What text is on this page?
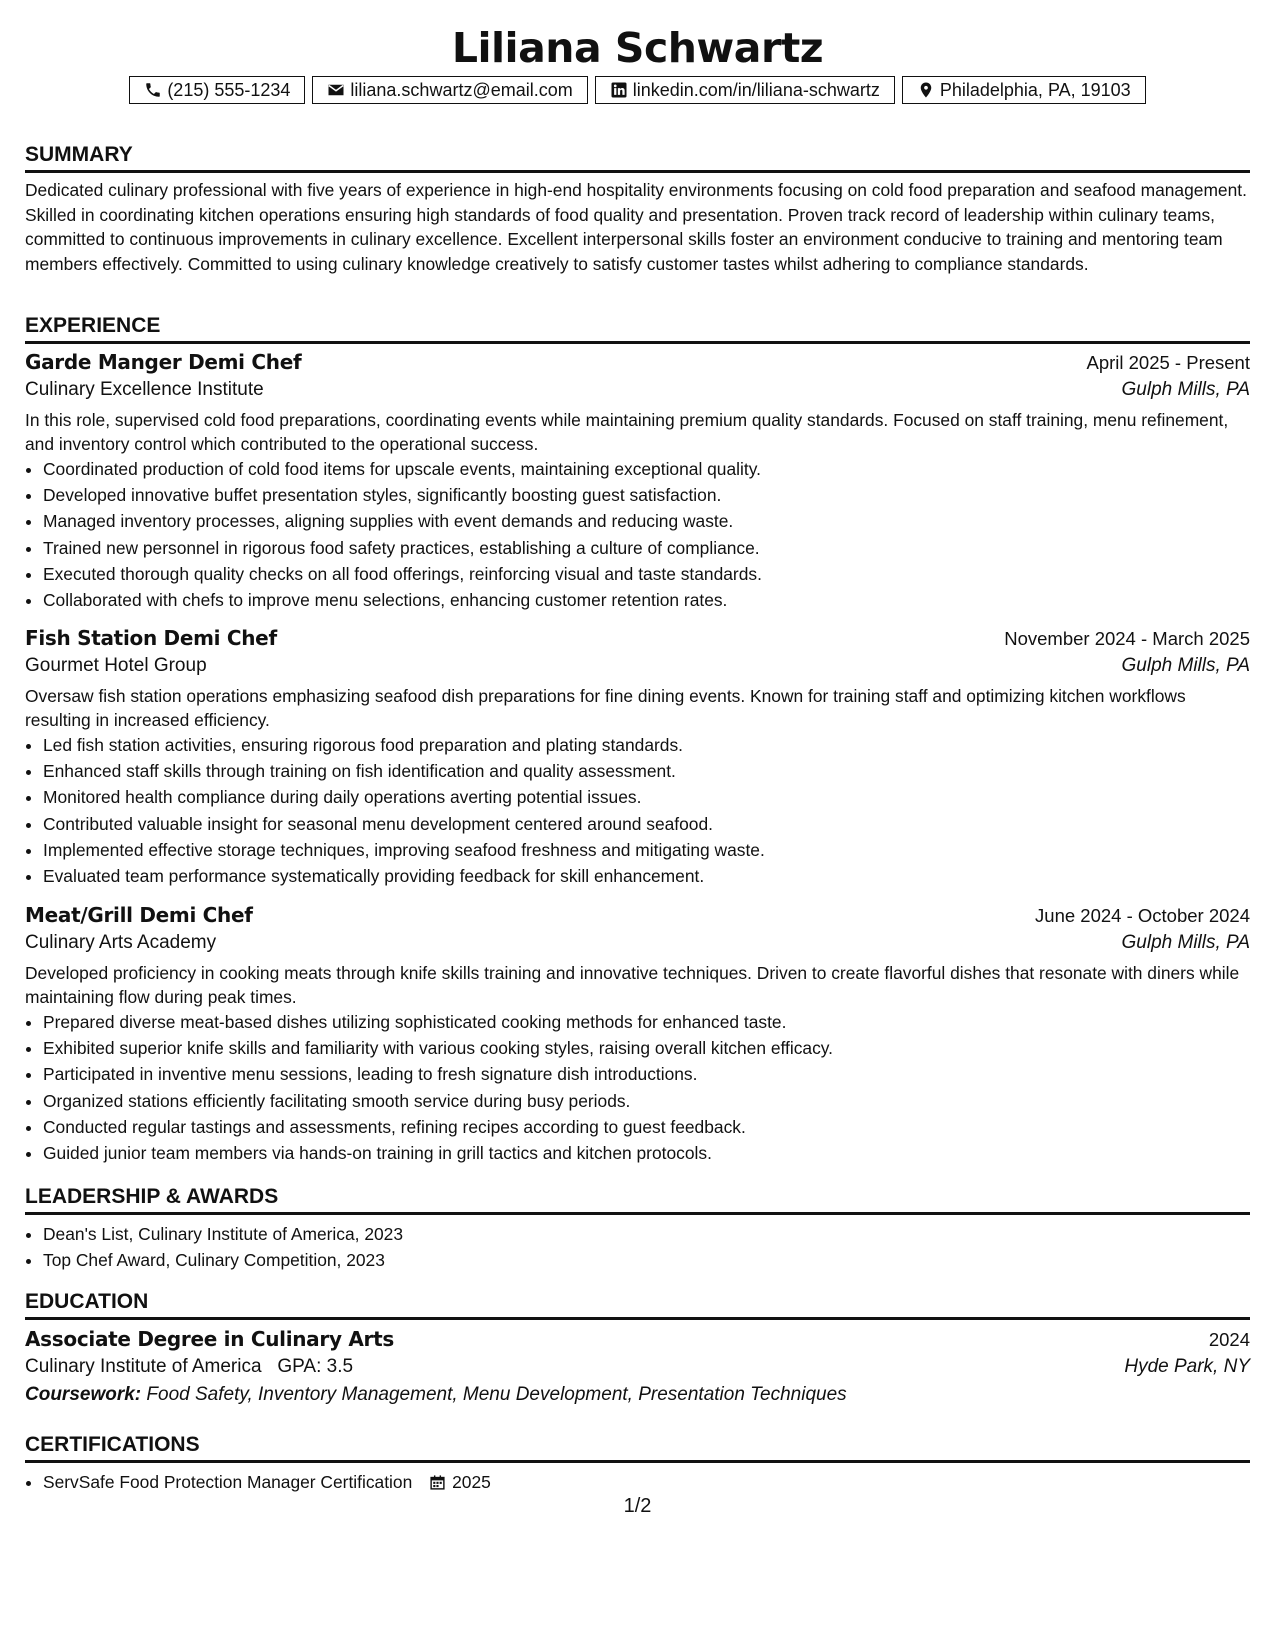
Liliana Schwartz
(215) 555-1234	liliana.schwartz@email.com	linkedin.com/in/liliana-schwartz	Philadelphia, PA, 19103
SUMMARY

Dedicated culinary professional with five years of experience in high-end hospitality environments focusing on cold food preparation and seafood management. Skilled in coordinating kitchen operations ensuring high standards of food quality and presentation. Proven track record of leadership within culinary teams, committed to continuous improvements in culinary excellence. Excellent interpersonal skills foster an environment conducive to training and mentoring team members effectively. Committed to using culinary knowledge creatively to satisfy customer tastes whilst adhering to compliance standards.

EXPERIENCE
Garde Manger Demi Chef	April 2025 - Present
Culinary Excellence Institute	Gulph Mills, PA

In this role, supervised cold food preparations, coordinating events while maintaining premium quality standards. Focused on staff training, menu refinement, and inventory control which contributed to the operational success.

• Coordinated production of cold food items for upscale events, maintaining exceptional quality.
• Developed innovative buffet presentation styles, significantly boosting guest satisfaction.
• Managed inventory processes, aligning supplies with event demands and reducing waste.
• Trained new personnel in rigorous food safety practices, establishing a culture of compliance.
• Executed thorough quality checks on all food offerings, reinforcing visual and taste standards.
• Collaborated with chefs to improve menu selections, enhancing customer retention rates.
Fish Station Demi Chef	November 2024 - March 2025
Gourmet Hotel Group	Gulph Mills, PA

Oversaw fish station operations emphasizing seafood dish preparations for fine dining events. Known for training staff and optimizing kitchen workflows resulting in increased efficiency.

• Led fish station activities, ensuring rigorous food preparation and plating standards.
• Enhanced staff skills through training on fish identification and quality assessment.
• Monitored health compliance during daily operations averting potential issues.
• Contributed valuable insight for seasonal menu development centered around seafood.
• Implemented effective storage techniques, improving seafood freshness and mitigating waste.
• Evaluated team performance systematically providing feedback for skill enhancement.
Meat/Grill Demi Chef	June 2024 - October 2024
Culinary Arts Academy	Gulph Mills, PA

Developed proficiency in cooking meats through knife skills training and innovative techniques. Driven to create flavorful dishes that resonate with diners while maintaining flow during peak times.

• Prepared diverse meat-based dishes utilizing sophisticated cooking methods for enhanced taste.
• Exhibited superior knife skills and familiarity with various cooking styles, raising overall kitchen efficacy.
• Participated in inventive menu sessions, leading to fresh signature dish introductions.
• Organized stations efficiently facilitating smooth service during busy periods.
• Conducted regular tastings and assessments, refining recipes according to guest feedback.
• Guided junior team members via hands-on training in grill tactics and kitchen protocols.
LEADERSHIP & AWARDS
• Dean's List, Culinary Institute of America, 2023
• Top Chef Award, Culinary Competition, 2023
EDUCATION
Associate Degree in Culinary Arts	2024
Culinary Institute of America GPA: 3.5	Hyde Park, NY
Coursework: Food Safety, Inventory Management, Menu Development, Presentation Techniques
CERTIFICATIONS
• ServSafe Food Protection Manager Certification
2025
1/2
